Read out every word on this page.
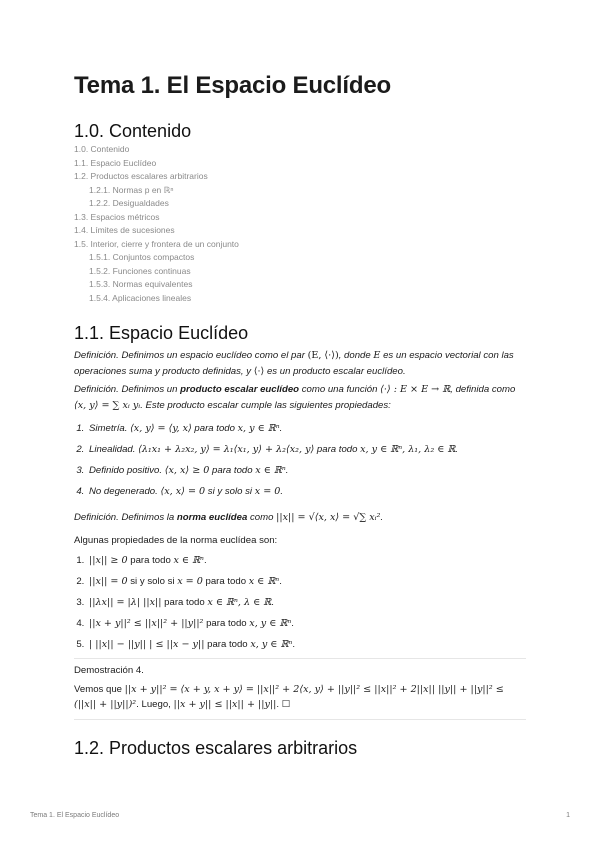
Tema 1. El Espacio Euclídeo
1.0. Contenido
1.0. Contenido
1.1. Espacio Euclídeo
1.2. Productos escalares arbitrarios
1.2.1. Normas p en ℝⁿ
1.2.2. Desigualdades
1.3. Espacios métricos
1.4. Límites de sucesiones
1.5. Interior, cierre y frontera de un conjunto
1.5.1. Conjuntos compactos
1.5.2. Funciones continuas
1.5.3. Normas equivalentes
1.5.4. Aplicaciones lineales
1.1. Espacio Euclídeo
Definición. Definimos un espacio euclídeo como el par (E, ⟨·⟩), donde E es un espacio vectorial con las operaciones suma y producto definidas, y ⟨·⟩ es un producto escalar euclídeo.
Definición. Definimos un producto escalar euclídeo como una función ⟨·⟩ : E × E → ℝ, definida como ⟨x, y⟩ = ∑ xᵢ yᵢ. Este producto escalar cumple las siguientes propiedades:
1. Simetría. ⟨x, y⟩ = ⟨y, x⟩ para todo x, y ∈ ℝⁿ.
2. Linealidad. ⟨λ₁x₁ + λ₂x₂, y⟩ = λ₁⟨x₁, y⟩ + λ₂⟨x₂, y⟩ para todo x, y ∈ ℝⁿ, λ₁, λ₂ ∈ ℝ.
3. Definido positivo. ⟨x, x⟩ ≥ 0 para todo x ∈ ℝⁿ.
4. No degenerado. ⟨x, x⟩ = 0 si y solo si x = 0.
Definición. Definimos la norma euclídea como ||x|| = √⟨x, x⟩ = √∑ xᵢ².
Algunas propiedades de la norma euclídea son:
1. ||x|| ≥ 0 para todo x ∈ ℝⁿ.
2. ||x|| = 0 si y solo si x = 0 para todo x ∈ ℝⁿ.
3. ||λx|| = |λ| ||x|| para todo x ∈ ℝⁿ, λ ∈ ℝ.
4. ||x + y||² ≤ ||x||² + ||y||² para todo x, y ∈ ℝⁿ.
5. | ||x|| − ||y|| | ≤ ||x − y|| para todo x, y ∈ ℝⁿ.
Demostración 4.
Vemos que ||x + y||² = ⟨x + y, x + y⟩ = ||x||² + 2⟨x, y⟩ + ||y||² ≤ ||x||² + 2||x|| ||y|| + ||y||² ≤ (||x|| + ||y||)². Luego, ||x + y|| ≤ ||x|| + ||y||. ☐
1.2. Productos escalares arbitrarios
Tema 1. El Espacio Euclídeo	1
